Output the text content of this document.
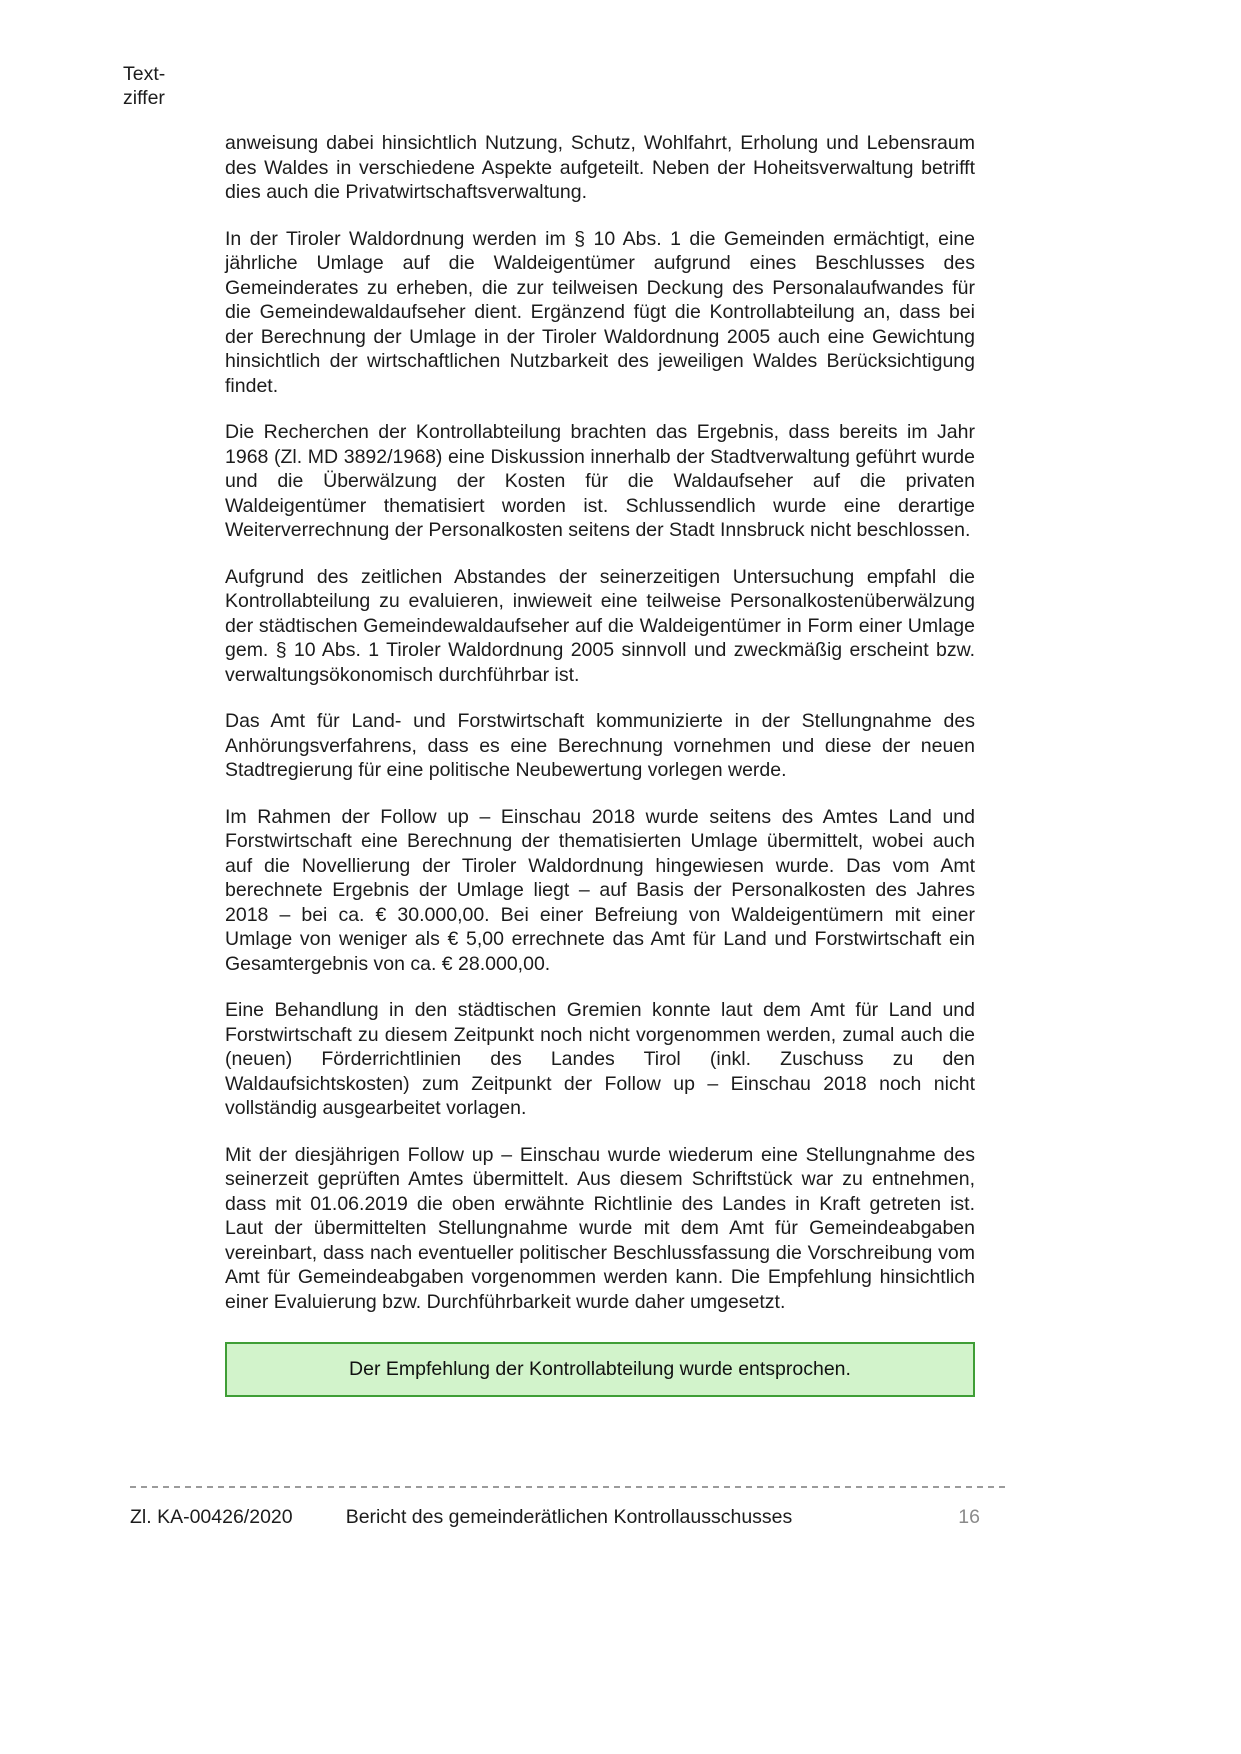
Text-
ziffer

anweisung dabei hinsichtlich Nutzung, Schutz, Wohlfahrt, Erholung und Lebensraum des Waldes in verschiedene Aspekte aufgeteilt. Neben der Hoheitsverwaltung betrifft dies auch die Privatwirtschaftsverwaltung.

In der Tiroler Waldordnung werden im § 10 Abs. 1 die Gemeinden ermächtigt, eine jährliche Umlage auf die Waldeigentümer aufgrund eines Beschlusses des Gemeinderates zu erheben, die zur teilweisen Deckung des Personalaufwandes für die Gemeindewaldaufseher dient. Ergänzend fügt die Kontrollabteilung an, dass bei der Berechnung der Umlage in der Tiroler Waldordnung 2005 auch eine Gewichtung hinsichtlich der wirtschaftlichen Nutzbarkeit des jeweiligen Waldes Berücksichtigung findet.

Die Recherchen der Kontrollabteilung brachten das Ergebnis, dass bereits im Jahr 1968 (Zl. MD 3892/1968) eine Diskussion innerhalb der Stadtverwaltung geführt wurde und die Überwälzung der Kosten für die Waldaufseher auf die privaten Waldeigentümer thematisiert worden ist. Schlussendlich wurde eine derartige Weiterverrechnung der Personalkosten seitens der Stadt Innsbruck nicht beschlossen.

Aufgrund des zeitlichen Abstandes der seinerzeitigen Untersuchung empfahl die Kontrollabteilung zu evaluieren, inwieweit eine teilweise Personalkostenüberwälzung der städtischen Gemeindewaldaufseher auf die Waldeigentümer in Form einer Umlage gem. § 10 Abs. 1 Tiroler Waldordnung 2005 sinnvoll und zweckmäßig erscheint bzw. verwaltungsökonomisch durchführbar ist.

Das Amt für Land- und Forstwirtschaft kommunizierte in der Stellungnahme des Anhörungsverfahrens, dass es eine Berechnung vornehmen und diese der neuen Stadtregierung für eine politische Neubewertung vorlegen werde.

Im Rahmen der Follow up – Einschau 2018 wurde seitens des Amtes Land und Forstwirtschaft eine Berechnung der thematisierten Umlage übermittelt, wobei auch auf die Novellierung der Tiroler Waldordnung hingewiesen wurde. Das vom Amt berechnete Ergebnis der Umlage liegt – auf Basis der Personalkosten des Jahres 2018 – bei ca. € 30.000,00. Bei einer Befreiung von Waldeigentümern mit einer Umlage von weniger als € 5,00 errechnete das Amt für Land und Forstwirtschaft ein Gesamtergebnis von ca. € 28.000,00.

Eine Behandlung in den städtischen Gremien konnte laut dem Amt für Land und Forstwirtschaft zu diesem Zeitpunkt noch nicht vorgenommen werden, zumal auch die (neuen) Förderrichtlinien des Landes Tirol (inkl. Zuschuss zu den Waldaufsichtskosten) zum Zeitpunkt der Follow up – Einschau 2018 noch nicht vollständig ausgearbeitet vorlagen.

Mit der diesjährigen Follow up – Einschau wurde wiederum eine Stellungnahme des seinerzeit geprüften Amtes übermittelt. Aus diesem Schriftstück war zu entnehmen, dass mit 01.06.2019 die oben erwähnte Richtlinie des Landes in Kraft getreten ist. Laut der übermittelten Stellungnahme wurde mit dem Amt für Gemeindeabgaben vereinbart, dass nach eventueller politischer Beschlussfassung die Vorschreibung vom Amt für Gemeindeabgaben vorgenommen werden kann. Die Empfehlung hinsichtlich einer Evaluierung bzw. Durchführbarkeit wurde daher umgesetzt.

Der Empfehlung der Kontrollabteilung wurde entsprochen.
Zl. KA-00426/2020	Bericht des gemeinderätlichen Kontrollausschusses	16
